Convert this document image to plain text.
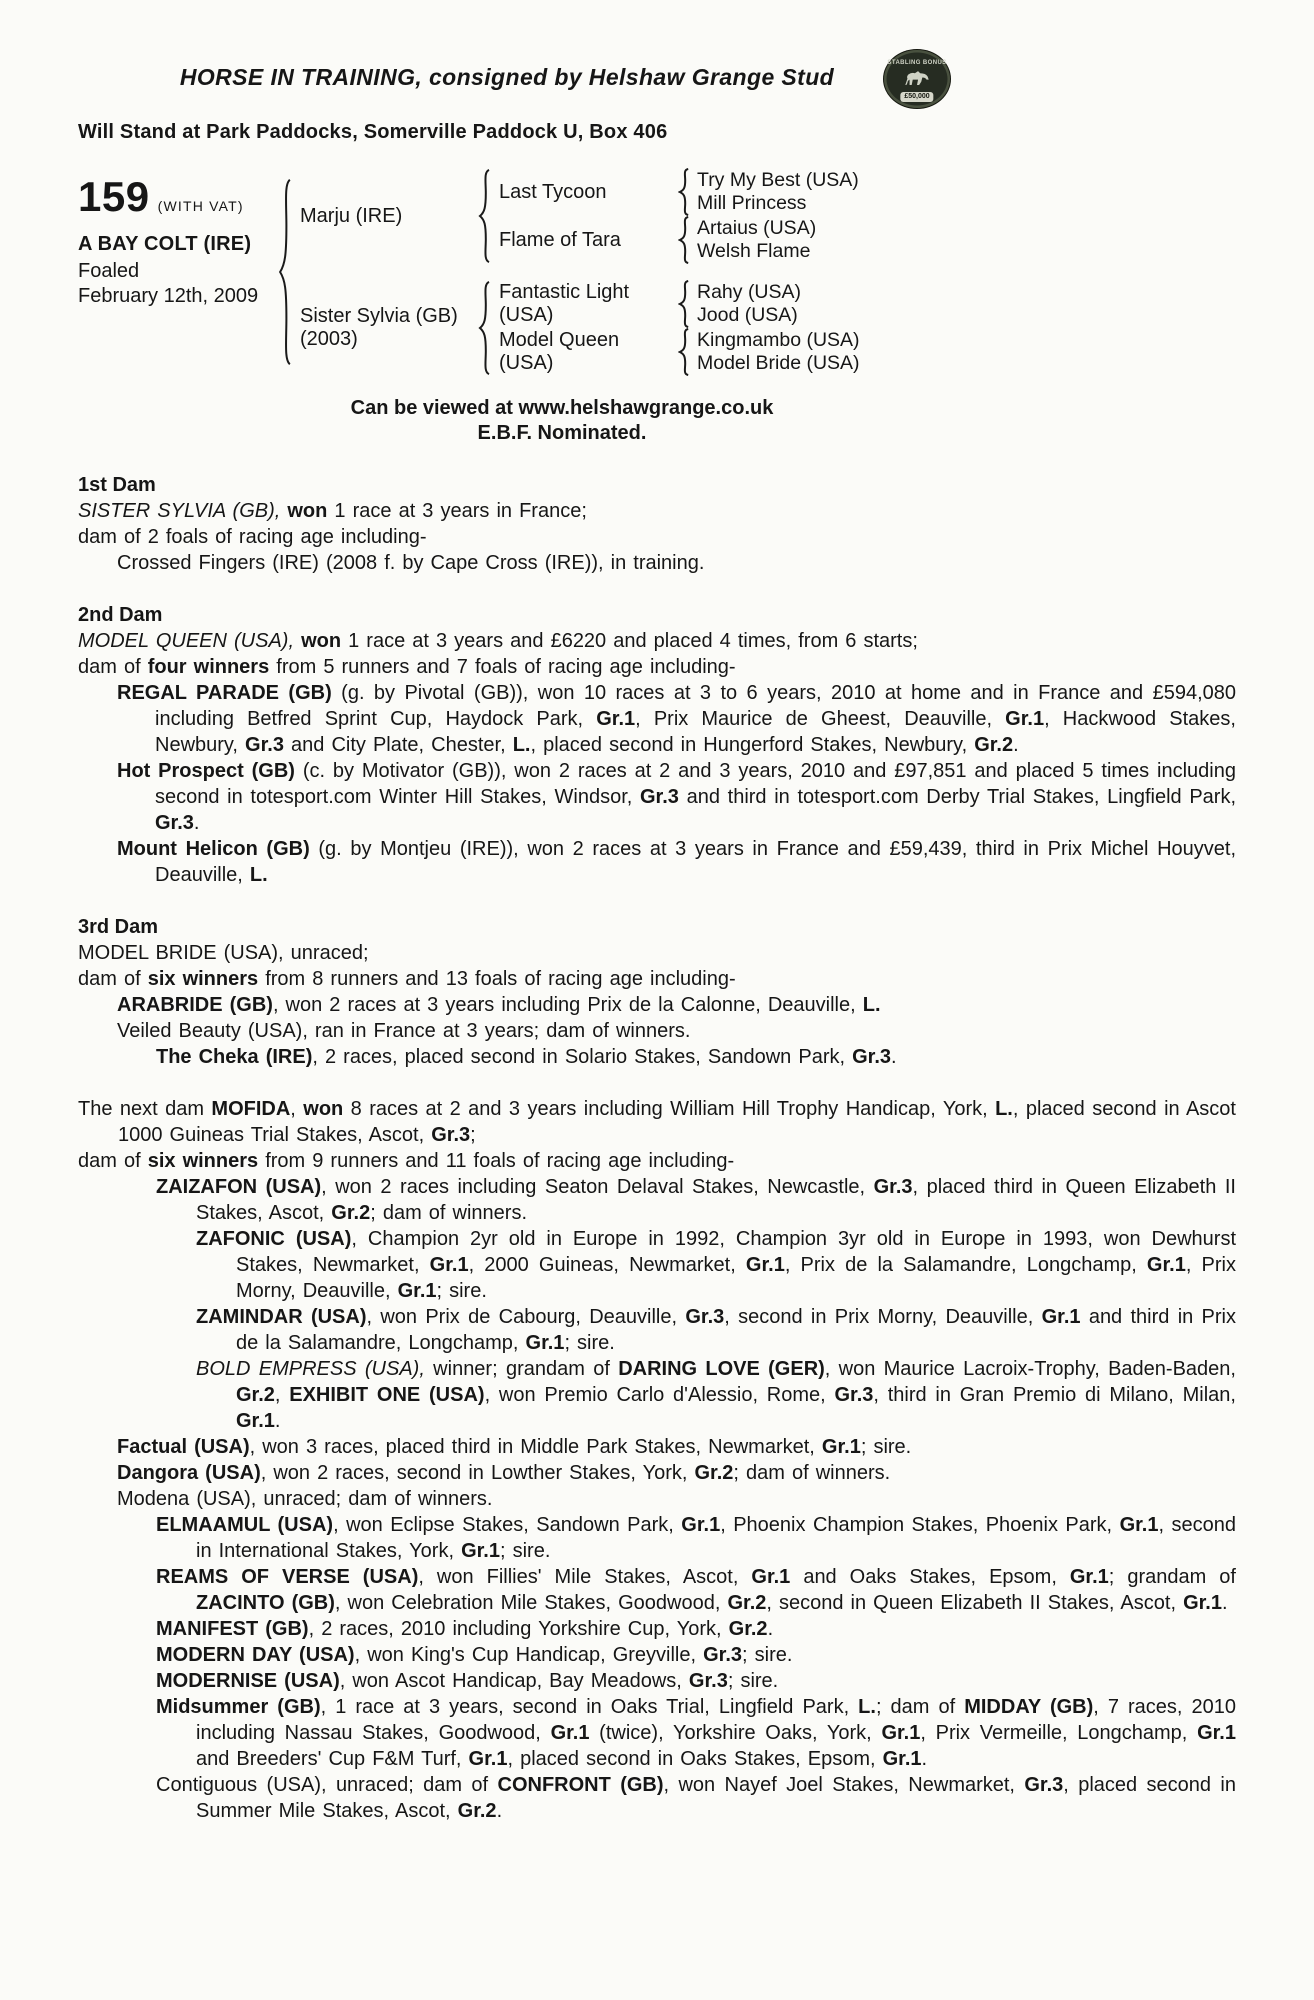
HORSE IN TRAINING, consigned by Helshaw Grange Stud
STABLING BONUS
£50,000
Will Stand at Park Paddocks, Somerville Paddock U, Box 406
159 (WITH VAT)
A BAY COLT (IRE)
Foaled
February 12th, 2009
Marju (IRE)
Last Tycoon
Try My Best (USA)
Mill Princess
Flame of Tara
Artaius (USA)
Welsh Flame
Sister Sylvia (GB) (2003)
Fantastic Light (USA)
Rahy (USA)
Jood (USA)
Model Queen (USA)
Kingmambo (USA)
Model Bride (USA)
Can be viewed at www.helshawgrange.co.uk
E.B.F. Nominated.
1st Dam
SISTER SYLVIA (GB), won 1 race at 3 years in France;
dam of 2 foals of racing age including-
Crossed Fingers (IRE) (2008 f. by Cape Cross (IRE)), in training.
2nd Dam
MODEL QUEEN (USA), won 1 race at 3 years and £6220 and placed 4 times, from 6 starts;
dam of four winners from 5 runners and 7 foals of racing age including-
REGAL PARADE (GB) (g. by Pivotal (GB)), won 10 races at 3 to 6 years, 2010 at home and in France and £594,080 including Betfred Sprint Cup, Haydock Park, Gr.1, Prix Maurice de Gheest, Deauville, Gr.1, Hackwood Stakes, Newbury, Gr.3 and City Plate, Chester, L., placed second in Hungerford Stakes, Newbury, Gr.2.
Hot Prospect (GB) (c. by Motivator (GB)), won 2 races at 2 and 3 years, 2010 and £97,851 and placed 5 times including second in totesport.com Winter Hill Stakes, Windsor, Gr.3 and third in totesport.com Derby Trial Stakes, Lingfield Park, Gr.3.
Mount Helicon (GB) (g. by Montjeu (IRE)), won 2 races at 3 years in France and £59,439, third in Prix Michel Houyvet, Deauville, L.
3rd Dam
MODEL BRIDE (USA), unraced;
dam of six winners from 8 runners and 13 foals of racing age including-
ARABRIDE (GB), won 2 races at 3 years including Prix de la Calonne, Deauville, L.
Veiled Beauty (USA), ran in France at 3 years; dam of winners.
The Cheka (IRE), 2 races, placed second in Solario Stakes, Sandown Park, Gr.3.
The next dam MOFIDA, won 8 races at 2 and 3 years including William Hill Trophy Handicap, York, L., placed second in Ascot 1000 Guineas Trial Stakes, Ascot, Gr.3;
dam of six winners from 9 runners and 11 foals of racing age including-
ZAIZAFON (USA), won 2 races including Seaton Delaval Stakes, Newcastle, Gr.3, placed third in Queen Elizabeth II Stakes, Ascot, Gr.2; dam of winners.
ZAFONIC (USA), Champion 2yr old in Europe in 1992, Champion 3yr old in Europe in 1993, won Dewhurst Stakes, Newmarket, Gr.1, 2000 Guineas, Newmarket, Gr.1, Prix de la Salamandre, Longchamp, Gr.1, Prix Morny, Deauville, Gr.1; sire.
ZAMINDAR (USA), won Prix de Cabourg, Deauville, Gr.3, second in Prix Morny, Deauville, Gr.1 and third in Prix de la Salamandre, Longchamp, Gr.1; sire.
BOLD EMPRESS (USA), winner; grandam of DARING LOVE (GER), won Maurice Lacroix-Trophy, Baden-Baden, Gr.2, EXHIBIT ONE (USA), won Premio Carlo d'Alessio, Rome, Gr.3, third in Gran Premio di Milano, Milan, Gr.1.
Factual (USA), won 3 races, placed third in Middle Park Stakes, Newmarket, Gr.1; sire.
Dangora (USA), won 2 races, second in Lowther Stakes, York, Gr.2; dam of winners.
Modena (USA), unraced; dam of winners.
ELMAAMUL (USA), won Eclipse Stakes, Sandown Park, Gr.1, Phoenix Champion Stakes, Phoenix Park, Gr.1, second in International Stakes, York, Gr.1; sire.
REAMS OF VERSE (USA), won Fillies' Mile Stakes, Ascot, Gr.1 and Oaks Stakes, Epsom, Gr.1; grandam of ZACINTO (GB), won Celebration Mile Stakes, Goodwood, Gr.2, second in Queen Elizabeth II Stakes, Ascot, Gr.1.
MANIFEST (GB), 2 races, 2010 including Yorkshire Cup, York, Gr.2.
MODERN DAY (USA), won King's Cup Handicap, Greyville, Gr.3; sire.
MODERNISE (USA), won Ascot Handicap, Bay Meadows, Gr.3; sire.
Midsummer (GB), 1 race at 3 years, second in Oaks Trial, Lingfield Park, L.; dam of MIDDAY (GB), 7 races, 2010 including Nassau Stakes, Goodwood, Gr.1 (twice), Yorkshire Oaks, York, Gr.1, Prix Vermeille, Longchamp, Gr.1 and Breeders' Cup F&M Turf, Gr.1, placed second in Oaks Stakes, Epsom, Gr.1.
Contiguous (USA), unraced; dam of CONFRONT (GB), won Nayef Joel Stakes, Newmarket, Gr.3, placed second in Summer Mile Stakes, Ascot, Gr.2.
